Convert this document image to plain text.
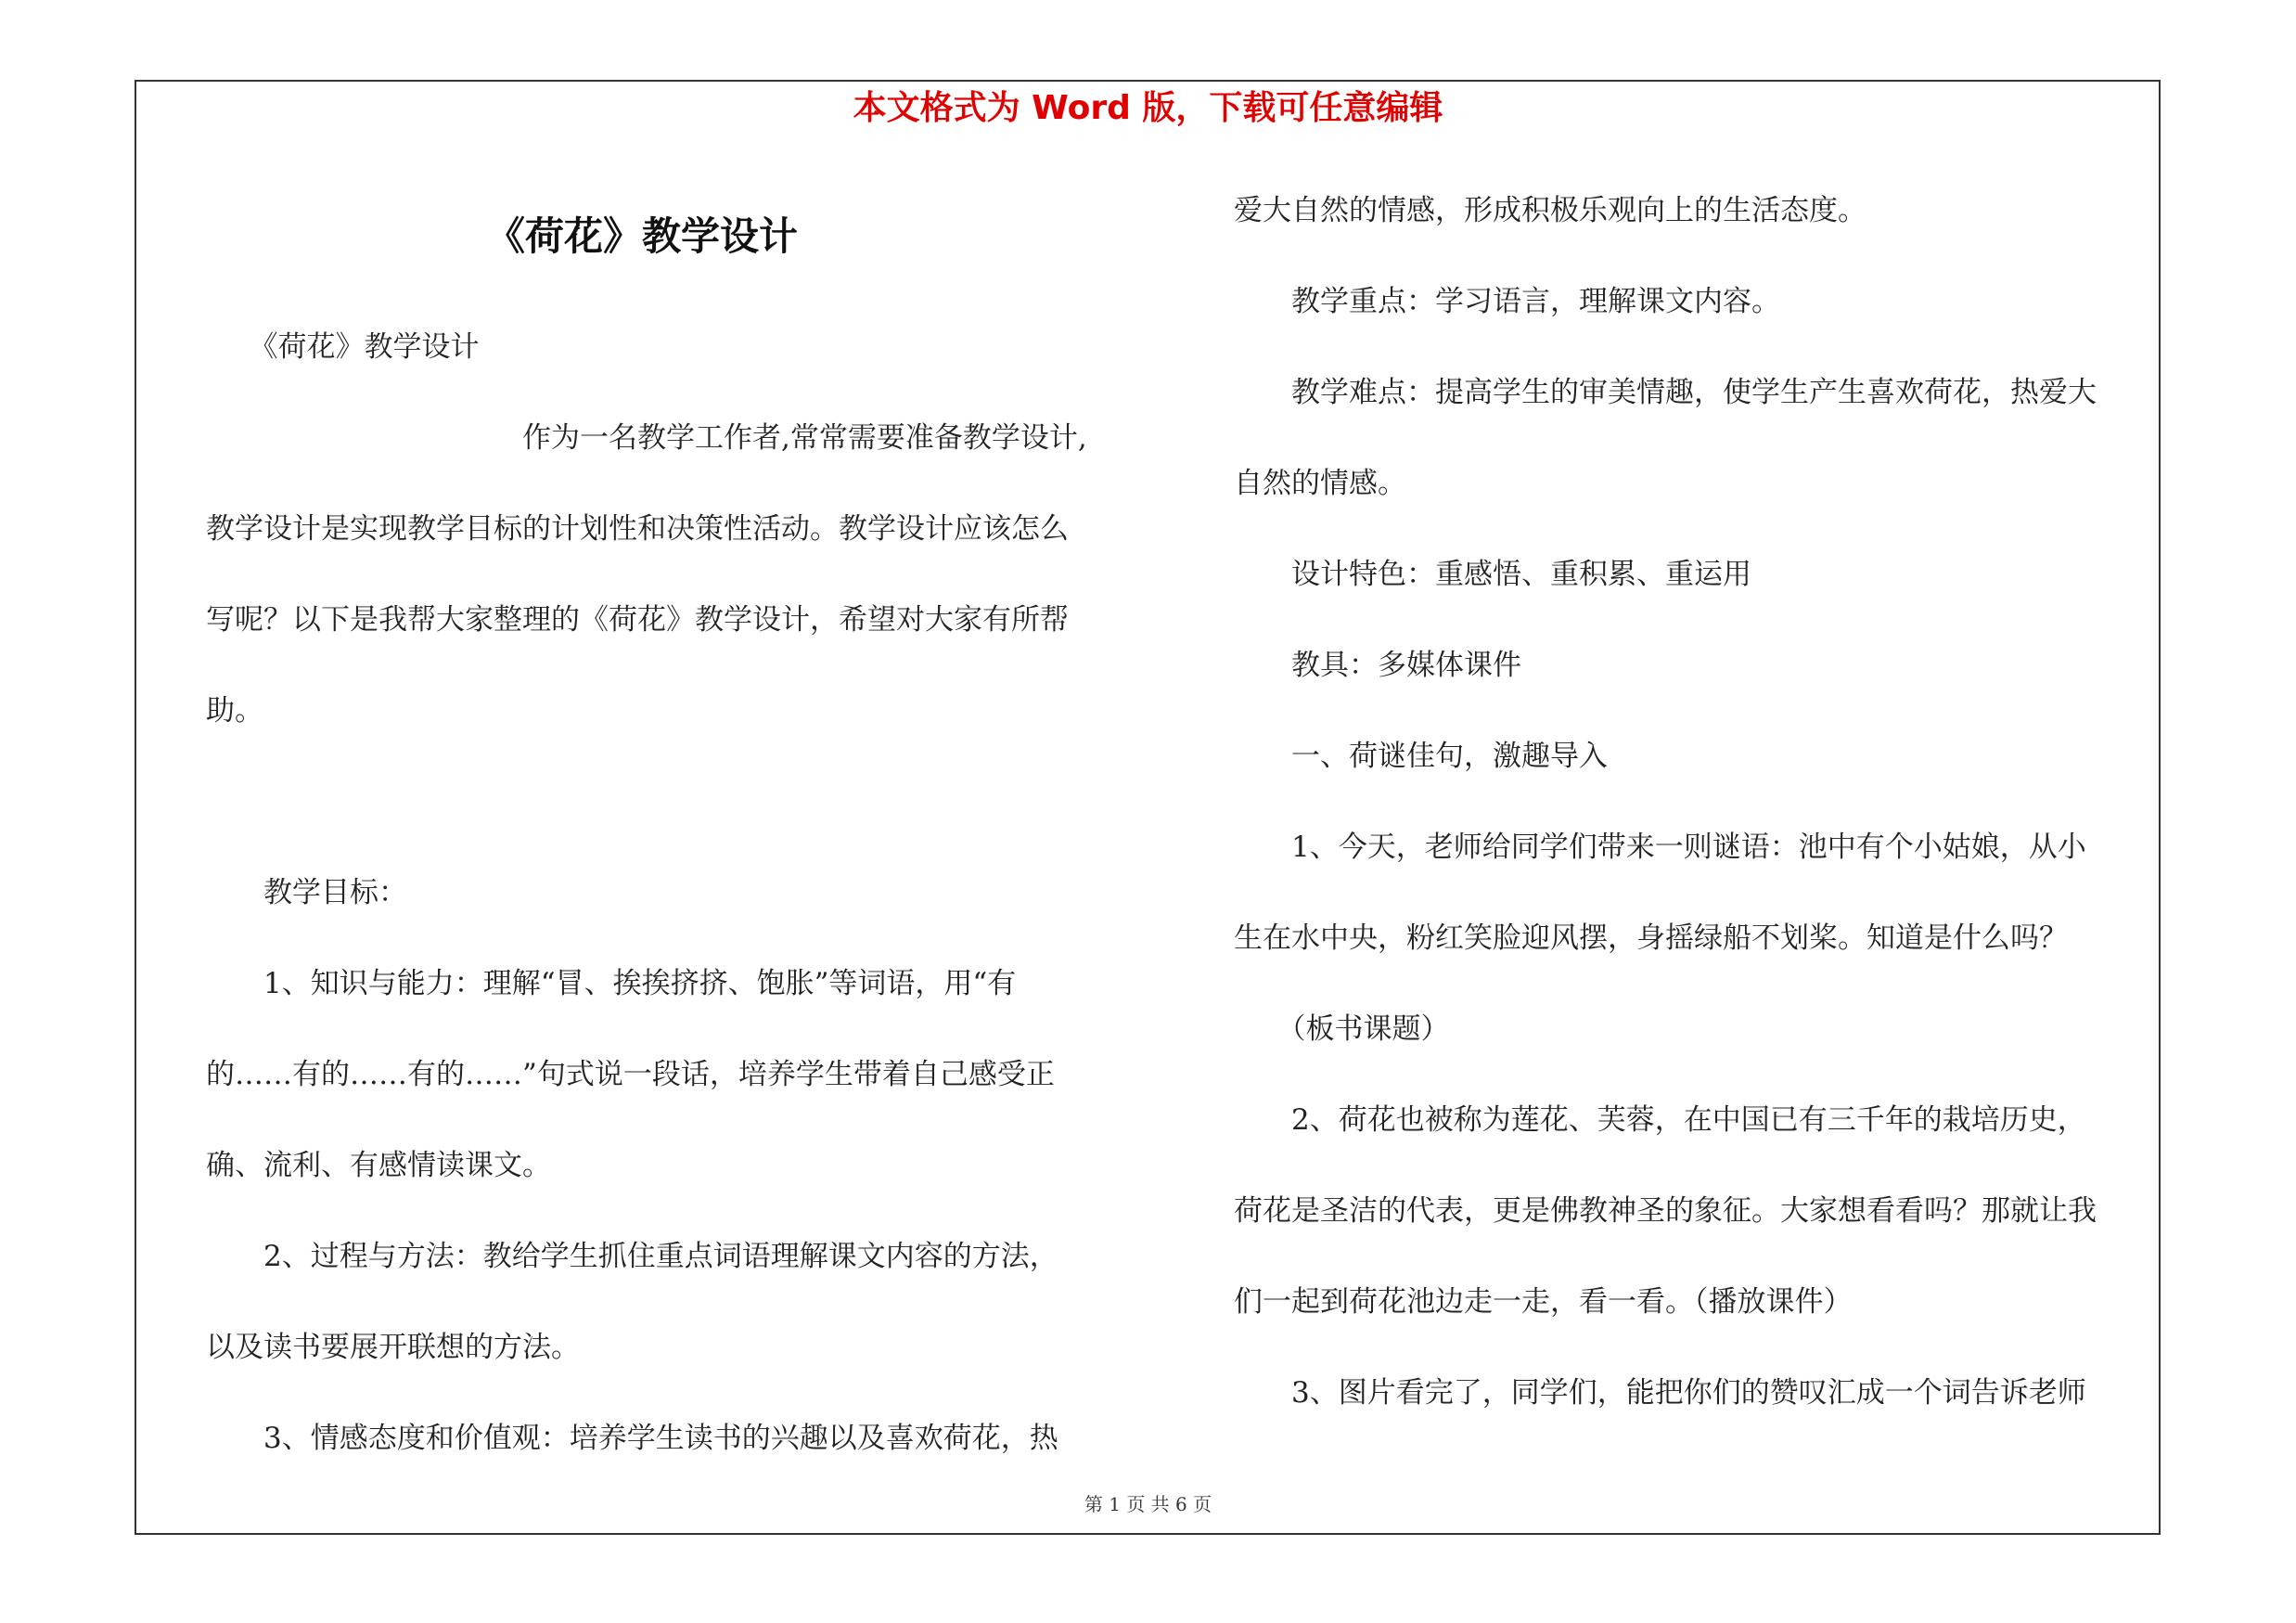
本文格式为 Word 版，下载可任意编辑
《荷花》教学设计

　　《荷花》教学设计

　　　　　　　　　　　作为一名教学工作者,常常需要准备教学设计,

教学设计是实现教学目标的计划性和决策性活动。教学设计应该怎么

写呢？以下是我帮大家整理的《荷花》教学设计，希望对大家有所帮

助。

　　教学目标：

　　1、知识与能力：理解“冒、挨挨挤挤、饱胀”等词语，用“有

的……有的……有的……”句式说一段话，培养学生带着自己感受正

确、流利、有感情读课文。

　　2、过程与方法：教给学生抓住重点词语理解课文内容的方法，

以及读书要展开联想的方法。

　　3、情感态度和价值观：培养学生读书的兴趣以及喜欢荷花，热

爱大自然的情感，形成积极乐观向上的生活态度。

　　教学重点：学习语言，理解课文内容。

　　教学难点：提高学生的审美情趣，使学生产生喜欢荷花，热爱大

自然的情感。

　　设计特色：重感悟、重积累、重运用

　　教具：多媒体课件

　　一、荷谜佳句，激趣导入

　　1、今天，老师给同学们带来一则谜语：池中有个小姑娘，从小

生在水中央，粉红笑脸迎风摆，身摇绿船不划桨。知道是什么吗？

　　（板书课题）

　　2、荷花也被称为莲花、芙蓉，在中国已有三千年的栽培历史，

荷花是圣洁的代表，更是佛教神圣的象征。大家想看看吗？那就让我

们一起到荷花池边走一走，看一看。（播放课件）

　　3、图片看完了，同学们，能把你们的赞叹汇成一个词告诉老师

第 1 页 共 6 页
